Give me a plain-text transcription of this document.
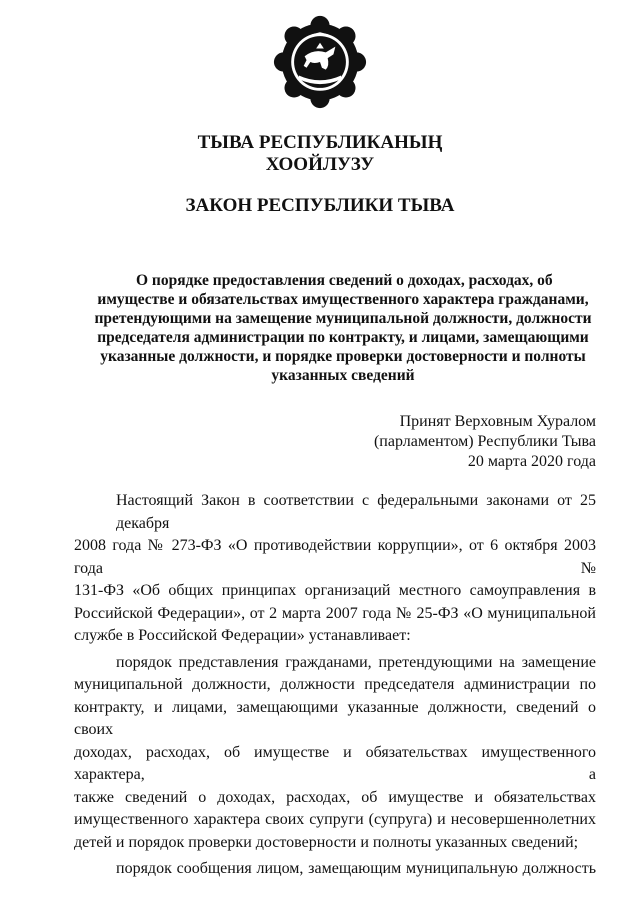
ТЫВА РЕСПУБЛИКАНЫҢ
ХООЙЛУЗУ
ЗАКОН РЕСПУБЛИКИ ТЫВА

О порядке предоставления сведений о доходах, расходах, об

имуществе и обязательствах имущественного характера гражданами,

претендующими на замещение муниципальной должности, должности

председателя администрации по контракту, и лицами, замещающими

указанные должности, и порядке проверки достоверности и полноты

указанных сведений

Принят Верховным Хуралом
(парламентом) Республики Тыва
20 марта 2020 года
Настоящий Закон в соответствии с федеральными законами от 25 декабря
2008 года № 273-ФЗ «О противодействии коррупции», от 6 октября 2003 года №
131-ФЗ «Об общих принципах организаций местного самоуправления в
Российской Федерации», от 2 марта 2007 года № 25-ФЗ «О муниципальной
службе в Российской Федерации» устанавливает:
порядок представления гражданами, претендующими на замещение
муниципальной должности, должности председателя администрации по
контракту, и лицами, замещающими указанные должности, сведений о своих
доходах, расходах, об имуществе и обязательствах имущественного характера, а
также сведений о доходах, расходах, об имуществе и обязательствах
имущественного характера своих супруги (супруга) и несовершеннолетних
детей и порядок проверки достоверности и полноты указанных сведений;
порядок сообщения лицом, замещающим муниципальную должность
